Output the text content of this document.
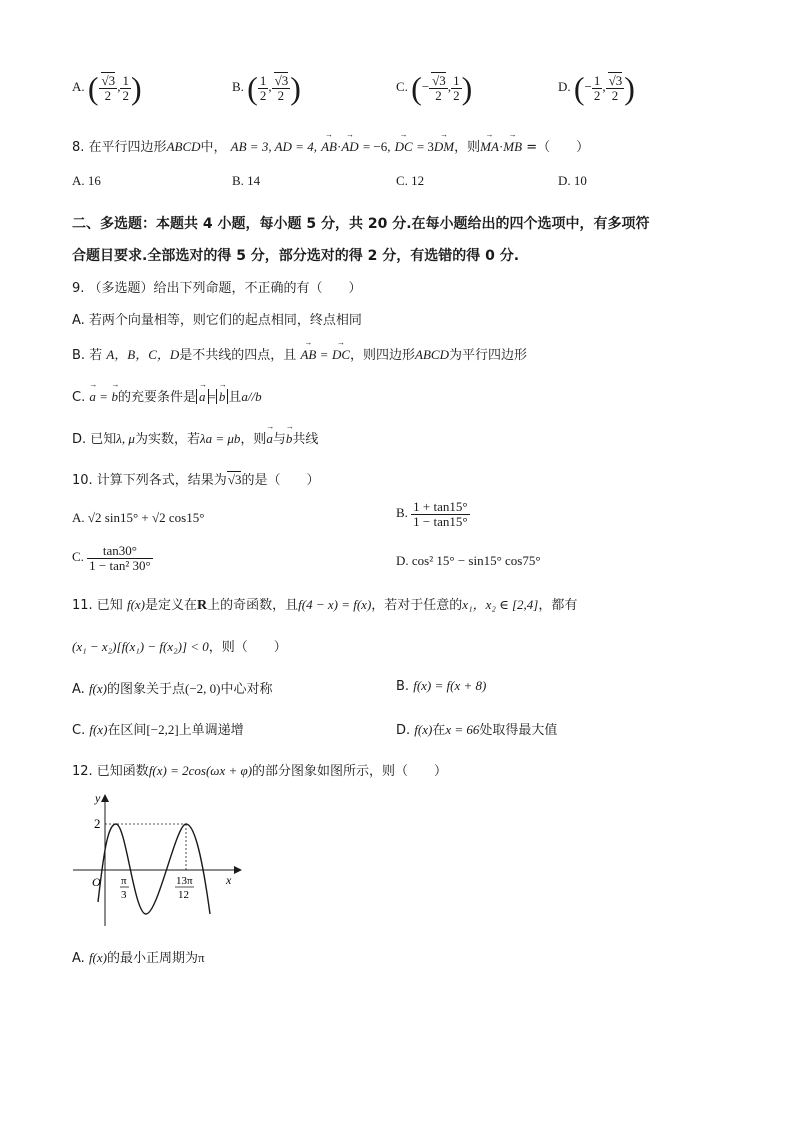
A. ( $\frac{√3}{2}$ , $\frac{1}{2}$ )	B. ( $\frac{1}{2}$ , $\frac{√3}{2}$ )	C. (− $\frac{√3}{2}$ , $\frac{1}{2}$ )	D. (− $\frac{1}{2}$ , $\frac{√3}{2}$ )
8. 在平行四边形ABCD中， AB = 3, AD = 4, → AB·→ AD = −6, → DC = 3→ DM，则→ MA·→ MB =（　　）
A. 16	B. 14	C. 12	D. 10
二、多选题：本题共 4 小题，每小题 5 分，共 20 分.在每小题给出的四个选项中，有多项符
合题目要求.全部选对的得 5 分，部分选对的得 2 分，有选错的得 0 分.
9. （多选题）给出下列命题，不正确的有（　　）
A. 若两个向量相等，则它们的起点相同，终点相同
B. 若 A，B，C，D是不共线的四点，且 → AB = → DC，则四边形ABCD为平行四边形
C. → a = → b的充要条件是 → a = → b 且a//b
D. 已知λ, μ为实数，若λa = μb，则→ a与→ b共线
10. 计算下列各式，结果为√3的是（　　）
A. √2 sin15° + √2 cos15°	B. $\frac{1 + \tan 15^\circ}{1 - \tan 15^\circ}$
C. $\frac{\tan 30^\circ}{\text{1 − tan² 30°}}$	D. cos² 15° − sin15° cos75°
11. 已知 f(x)是定义在R上的奇函数，且f(4 − x) = f(x)，若对于任意的x₁，x₂ ∈ [2,4]，都有
(x₁ − x₂)[f(x₁) − f(x₂)] < 0，则（　　）
A. f(x)的图象关于点(−2, 0)中心对称	B. f(x) = f(x + 8)
C. f(x)在区间[−2,2]上单调递增	D. f(x)在x = 66处取得最大值
12. 已知函数f(x) = 2cos(ωx + φ)的部分图象如图所示，则（　　）
y
x
O
2
π
3
13π
12
A. f(x)的最小正周期为π
